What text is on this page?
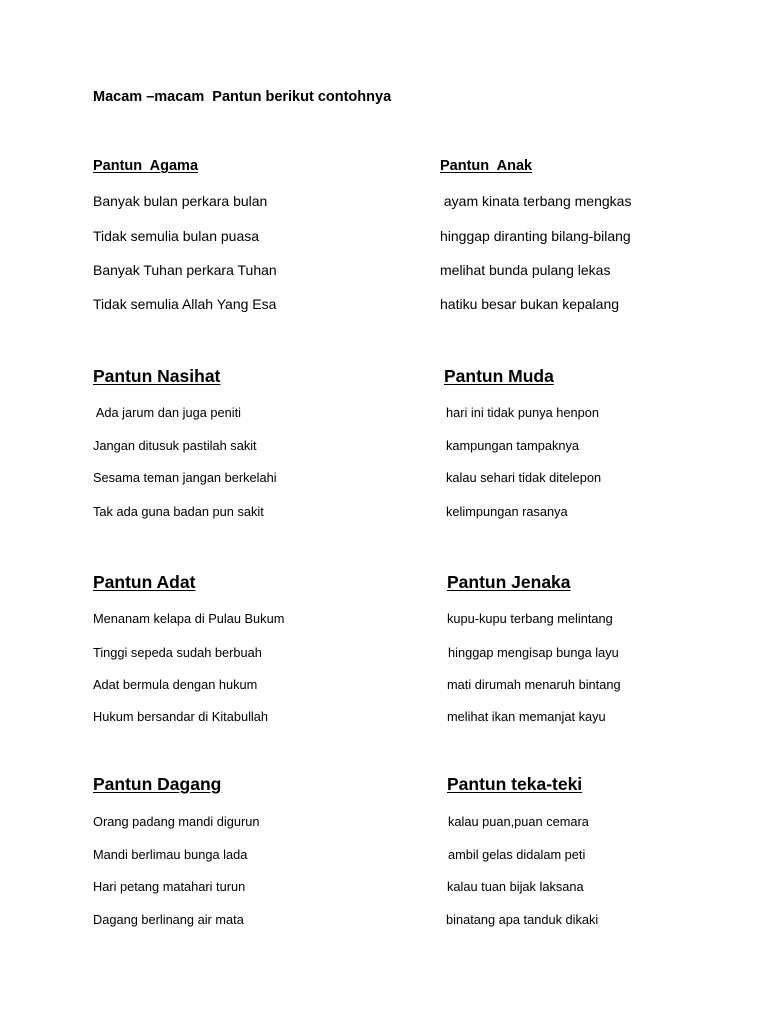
Macam –macam  Pantun berikut contohnya
Pantun  Agama
Banyak bulan perkara bulan
Tidak semulia bulan puasa
Banyak Tuhan perkara Tuhan
Tidak semulia Allah Yang Esa
Pantun  Anak
ayam kinata terbang mengkas
hinggap diranting bilang-bilang
melihat bunda pulang lekas
hatiku besar bukan kepalang
Pantun Nasihat
Ada jarum dan juga peniti
Jangan ditusuk pastilah sakit
Sesama teman jangan berkelahi
Tak ada guna badan pun sakit
Pantun Muda
hari ini tidak punya henpon
kampungan tampaknya
kalau sehari tidak ditelepon
kelimpungan rasanya
Pantun Adat
Menanam kelapa di Pulau Bukum
Tinggi sepeda sudah berbuah
Adat bermula dengan hukum
Hukum bersandar di Kitabullah
Pantun Jenaka
kupu-kupu terbang melintang
hinggap mengisap bunga layu
mati dirumah menaruh bintang
melihat ikan memanjat kayu
Pantun Dagang
Orang padang mandi digurun
Mandi berlimau bunga lada
Hari petang matahari turun
Dagang berlinang air mata
Pantun teka-teki
kalau puan,puan cemara
ambil gelas didalam peti
kalau tuan bijak laksana
binatang apa tanduk dikaki
